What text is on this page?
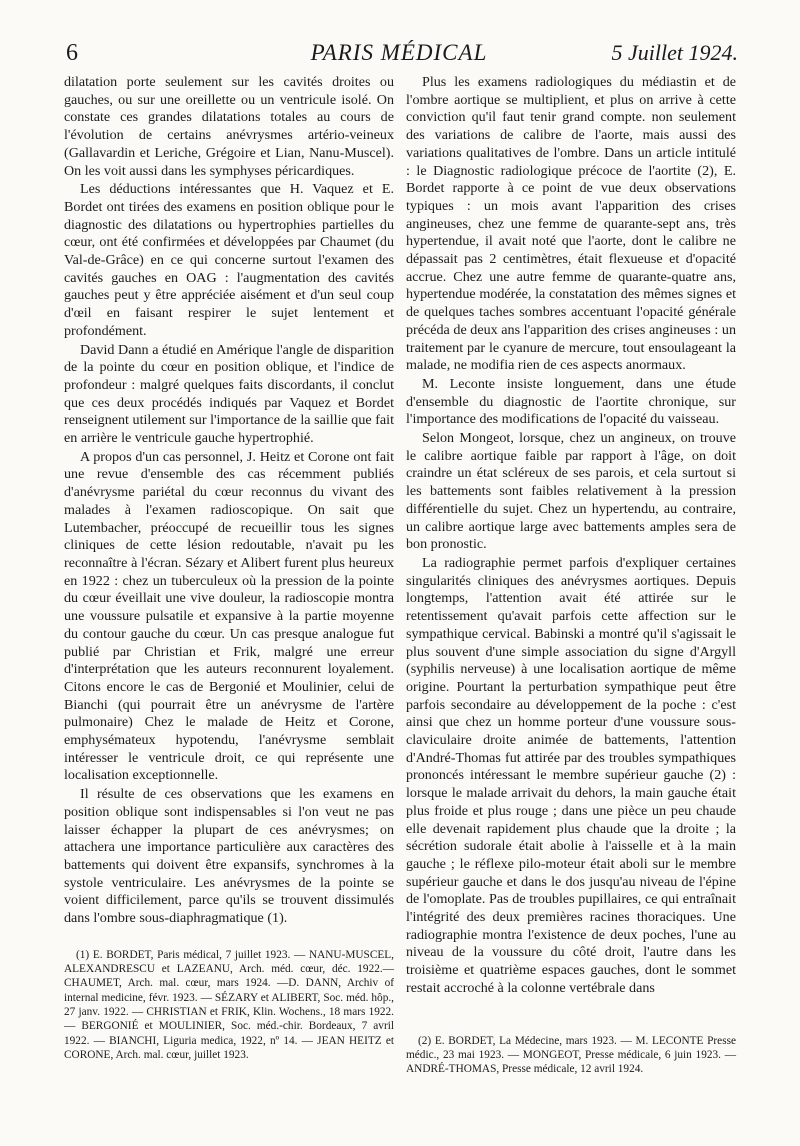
6	PARIS MÉDICAL	5 Juillet 1924.

dilatation porte seulement sur les cavités droites ou gauches, ou sur une oreillette ou un ventricule isolé. On constate ces grandes dilatations totales au cours de l'évolution de certains anévrysmes artério-veineux (Gallavardin et Leriche, Grégoire et Lian, Nanu-Muscel). On les voit aussi dans les symphyses péricardiques.

Les déductions intéressantes que H. Vaquez et E. Bordet ont tirées des examens en position oblique pour le diagnostic des dilatations ou hypertrophies partielles du cœur, ont été confirmées et développées par Chaumet (du Val-de-Grâce) en ce qui concerne surtout l'examen des cavités gauches en OAG : l'augmentation des cavités gauches peut y être appréciée aisément et d'un seul coup d'œil en faisant respirer le sujet lentement et profondément.

David Dann a étudié en Amérique l'angle de disparition de la pointe du cœur en position oblique, et l'indice de profondeur : malgré quelques faits discordants, il conclut que ces deux procédés indiqués par Vaquez et Bordet renseignent utilement sur l'importance de la saillie que fait en arrière le ventricule gauche hypertrophié.

A propos d'un cas personnel, J. Heitz et Corone ont fait une revue d'ensemble des cas récemment publiés d'anévrysme pariétal du cœur reconnus du vivant des malades à l'examen radioscopique. On sait que Lutembacher, préoccupé de recueillir tous les signes cliniques de cette lésion redoutable, n'avait pu les reconnaître à l'écran. Sézary et Alibert furent plus heureux en 1922 : chez un tuberculeux où la pression de la pointe du cœur éveillait une vive douleur, la radioscopie montra une voussure pulsatile et expansive à la partie moyenne du contour gauche du cœur. Un cas presque analogue fut publié par Christian et Frik, malgré une erreur d'interprétation que les auteurs reconnurent loyalement. Citons encore le cas de Bergonié et Moulinier, celui de Bianchi (qui pourrait être un anévrysme de l'artère pulmonaire) Chez le malade de Heitz et Corone, emphysémateux hypotendu, l'anévrysme semblait intéresser le ventricule droit, ce qui représente une localisation exceptionnelle.

Il résulte de ces observations que les examens en position oblique sont indispensables si l'on veut ne pas laisser échapper la plupart de ces anévrysmes; on attachera une importance particulière aux caractères des battements qui doivent être expansifs, synchromes à la systole ventriculaire. Les anévrysmes de la pointe se voient difficilement, parce qu'ils se trouvent dissimulés dans l'ombre sous-diaphragmatique (1).

(1) E. BORDET, Paris médical, 7 juillet 1923. — NANU-MUSCEL, ALEXANDRESCU et LAZEANU, Arch. méd. cœur, déc. 1922.— CHAUMET, Arch. mal. cœur, mars 1924. —D. DANN, Archiv of internal medicine, févr. 1923. — SÉZARY et ALIBERT, Soc. méd. hôp., 27 janv. 1922. — CHRISTIAN et FRIK, Klin. Wochens., 18 mars 1922. — BERGONIÉ et MOULINIER, Soc. méd.-chir. Bordeaux, 7 avril 1922. — BIANCHI, Liguria medica, 1922, nº 14. — JEAN HEITZ et CORONE, Arch. mal. cœur, juillet 1923.

Plus les examens radiologiques du médiastin et de l'ombre aortique se multiplient, et plus on arrive à cette conviction qu'il faut tenir grand compte. non seulement des variations de calibre de l'aorte, mais aussi des variations qualitatives de l'ombre. Dans un article intitulé : le Diagnostic radiologique précoce de l'aortite (2), E. Bordet rapporte à ce point de vue deux observations typiques : un mois avant l'apparition des crises angineuses, chez une femme de quarante-sept ans, très hypertendue, il avait noté que l'aorte, dont le calibre ne dépassait pas 2 centimètres, était flexueuse et d'opacité accrue. Chez une autre femme de quarante-quatre ans, hypertendue modérée, la constatation des mêmes signes et de quelques taches sombres accentuant l'opacité générale précéda de deux ans l'apparition des crises angineuses : un traitement par le cyanure de mercure, tout ensoulageant la malade, ne modifia rien de ces aspects anormaux.

M. Leconte insiste longuement, dans une étude d'ensemble du diagnostic de l'aortite chronique, sur l'importance des modifications de l'opacité du vaisseau.

Selon Mongeot, lorsque, chez un angineux, on trouve le calibre aortique faible par rapport à l'âge, on doit craindre un état scléreux de ses parois, et cela surtout si les battements sont faibles relativement à la pression différentielle du sujet. Chez un hypertendu, au contraire, un calibre aortique large avec battements amples sera de bon pronostic.

La radiographie permet parfois d'expliquer certaines singularités cliniques des anévrysmes aortiques. Depuis longtemps, l'attention avait été attirée sur le retentissement qu'avait parfois cette affection sur le sympathique cervical. Babinski a montré qu'il s'agissait le plus souvent d'une simple association du signe d'Argyll (syphilis nerveuse) à une localisation aortique de même origine. Pourtant la perturbation sympathique peut être parfois secondaire au développement de la poche : c'est ainsi que chez un homme porteur d'une voussure sous-claviculaire droite animée de battements, l'attention d'André-Thomas fut attirée par des troubles sympathiques prononcés intéressant le membre supérieur gauche (2) : lorsque le malade arrivait du dehors, la main gauche était plus froide et plus rouge ; dans une pièce un peu chaude elle devenait rapidement plus chaude que la droite ; la sécrétion sudorale était abolie à l'aisselle et à la main gauche ; le réflexe pilo-moteur était aboli sur le membre supérieur gauche et dans le dos jusqu'au niveau de l'épine de l'omoplate. Pas de troubles pupillaires, ce qui entraînait l'intégrité des deux premières racines thoraciques. Une radiographie montra l'existence de deux poches, l'une au niveau de la voussure du côté droit, l'autre dans les troisième et quatrième espaces gauches, dont le sommet restait accroché à la colonne vertébrale dans

(2) E. BORDET, La Médecine, mars 1923. — M. LECONTE Presse médic., 23 mai 1923. — MONGEOT, Presse médicale, 6 juin 1923. — ANDRÉ-THOMAS, Presse médicale, 12 avril 1924.
